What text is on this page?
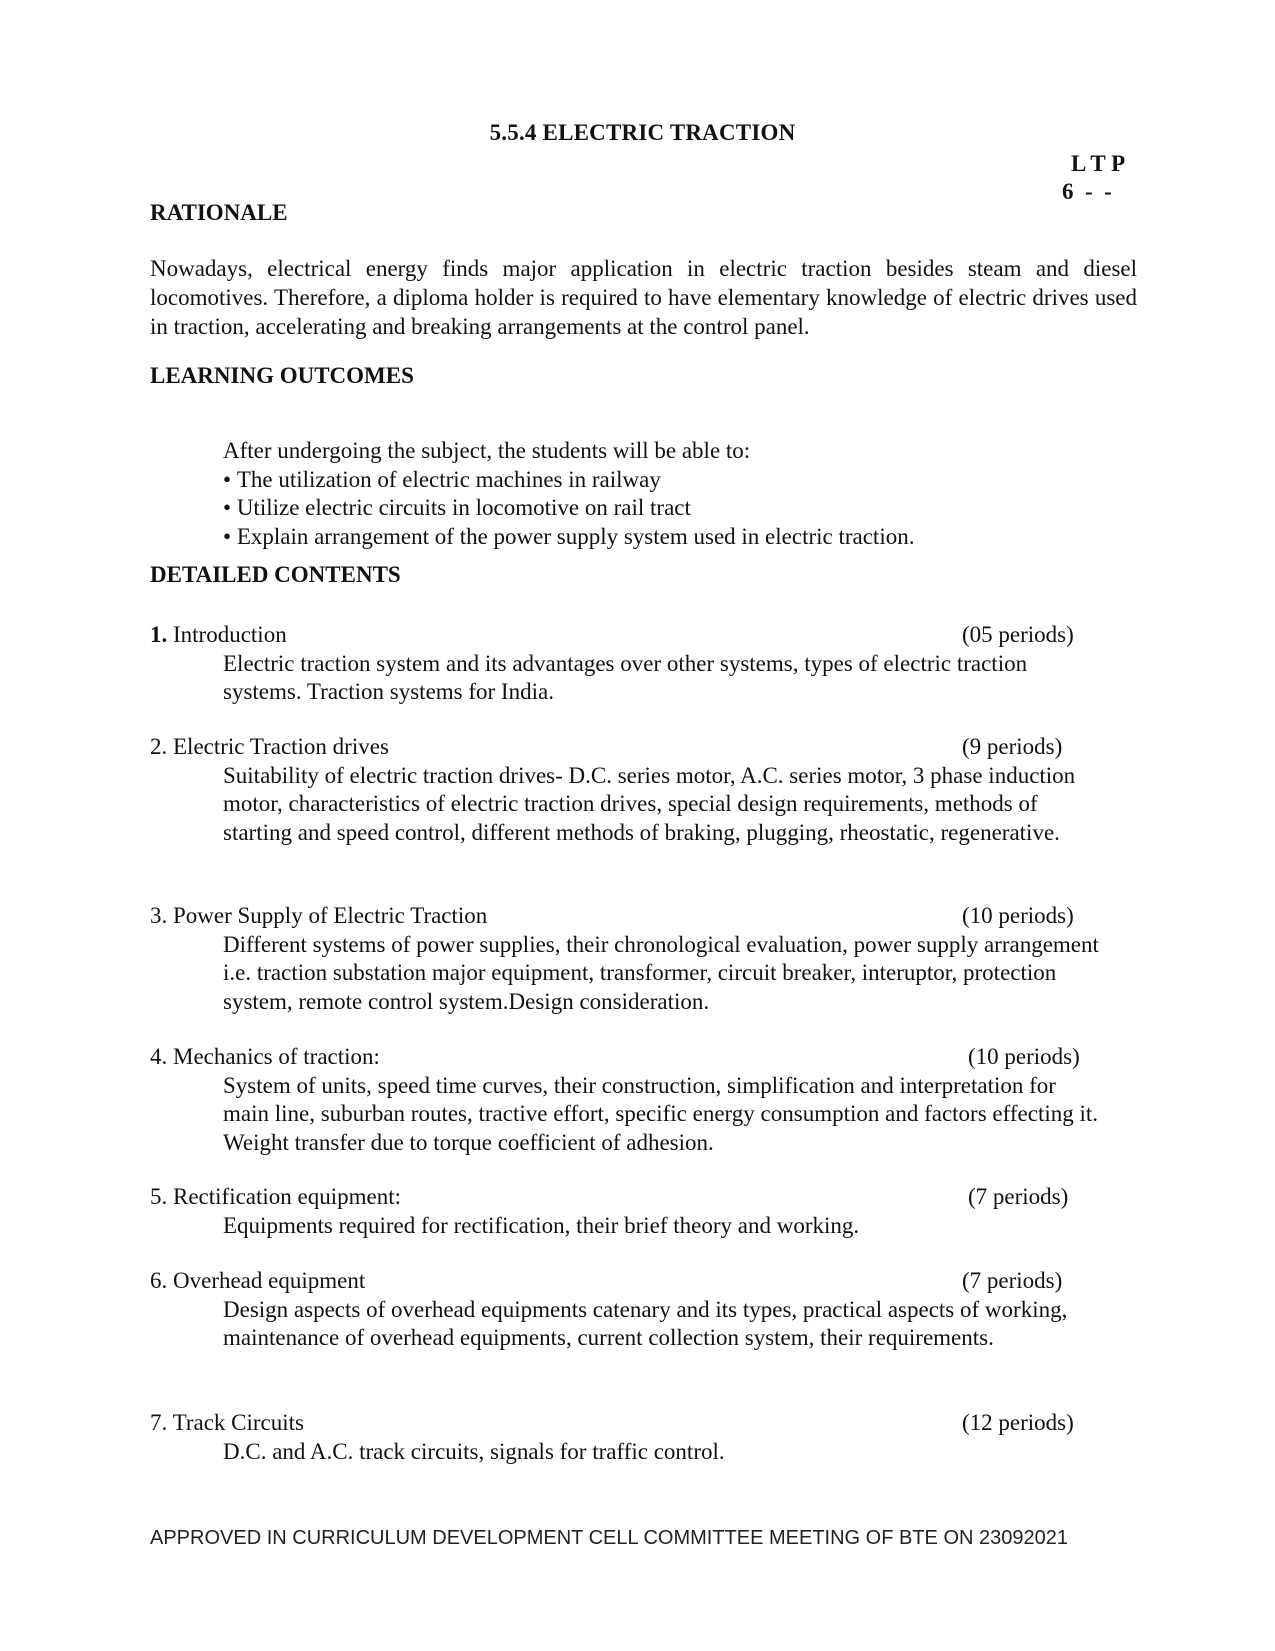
5.5.4 ELECTRIC TRACTION
L T P
6  -  -
RATIONALE
Nowadays, electrical energy finds major application in electric traction besides steam and diesel locomotives. Therefore, a diploma holder is required to have elementary knowledge of electric drives used in traction, accelerating and breaking arrangements at the control panel.
LEARNING OUTCOMES
After undergoing the subject, the students will be able to:
• The utilization of electric machines in railway
• Utilize electric circuits in locomotive on rail tract
• Explain arrangement of the power supply system used in electric traction.
DETAILED CONTENTS
1. Introduction	(05 periods)
Electric traction system and its advantages over other systems, types of electric traction systems. Traction systems for India.
2. Electric Traction drives	(9 periods)
Suitability of electric traction drives- D.C. series motor, A.C. series motor, 3 phase induction motor, characteristics of electric traction drives, special design requirements, methods of starting and speed control, different methods of braking, plugging, rheostatic, regenerative.
3. Power Supply of Electric Traction	(10 periods)
Different systems of power supplies, their chronological evaluation, power supply arrangement i.e. traction substation major equipment, transformer, circuit breaker, interuptor, protection system, remote control system.Design consideration.
4. Mechanics of traction:	(10 periods)
System of units, speed time curves, their construction, simplification and interpretation for main line, suburban routes, tractive effort, specific energy consumption and factors effecting it. Weight transfer due to torque coefficient of adhesion.
5. Rectification equipment:	(7 periods)
Equipments required for rectification, their brief theory and working.
6. Overhead equipment	(7 periods)
Design aspects of overhead equipments catenary and its types, practical aspects of working, maintenance of overhead equipments, current collection system, their requirements.
7. Track Circuits	(12 periods)
D.C. and A.C. track circuits, signals for traffic control.
APPROVED IN CURRICULUM DEVELOPMENT CELL COMMITTEE MEETING OF BTE ON 23092021
